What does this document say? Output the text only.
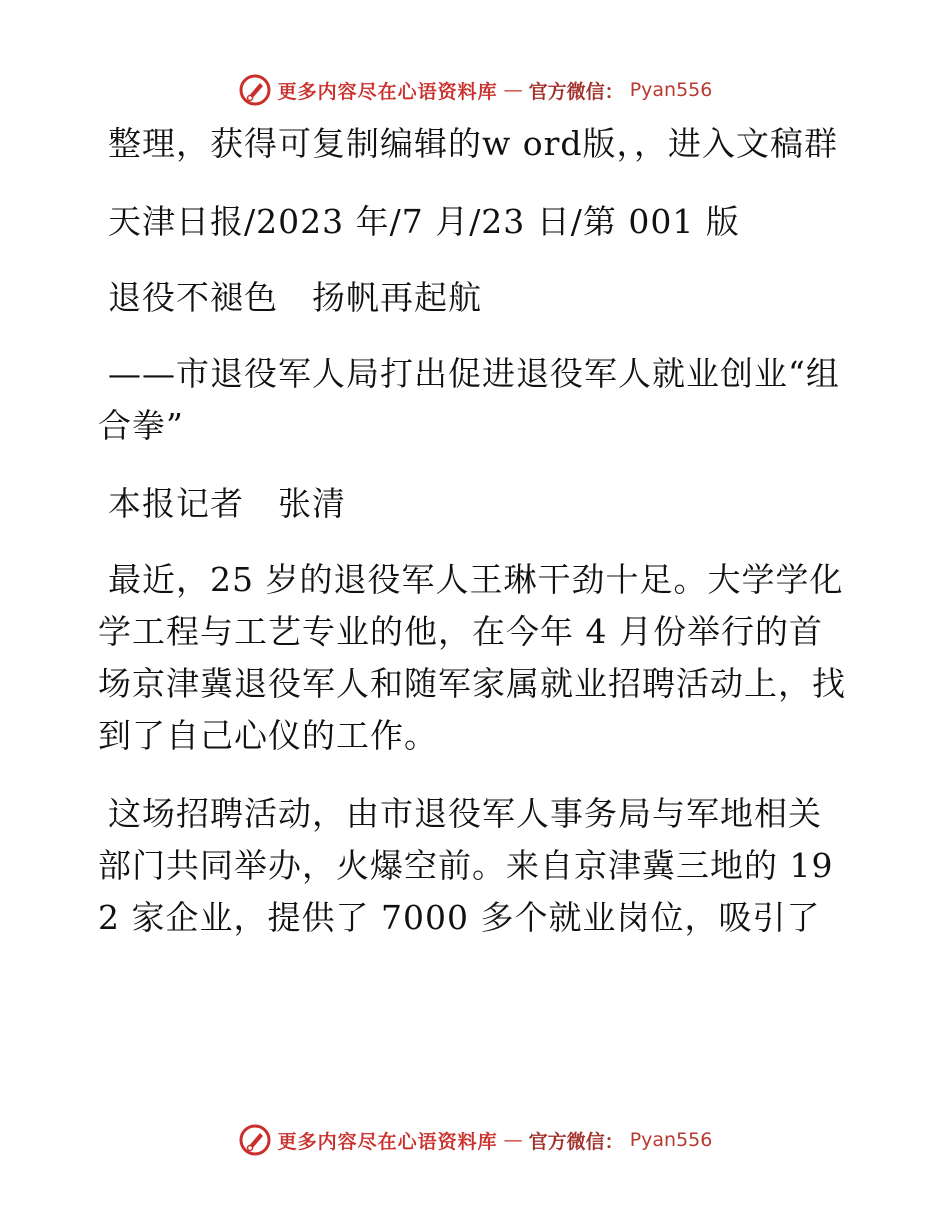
更多内容尽在心语资料库 — 官方微信： Pyan556

整理，获得可复制编辑的w ord版，，进入文稿群

天津日报/2023 年/7 月/23 日/第 001 版

退役不褪色　扬帆再起航

——市退役军人局打出促进退役军人就业创业“组合拳”

本报记者　张清

最近，25 岁的退役军人王琳干劲十足。大学学化学工程与工艺专业的他，在今年 4 月份举行的首场京津冀退役军人和随军家属就业招聘活动上，找到了自己心仪的工作。

这场招聘活动，由市退役军人事务局与军地相关部门共同举办，火爆空前。来自京津冀三地的 192 家企业，提供了 7000 多个就业岗位，吸引了

更多内容尽在心语资料库 — 官方微信： Pyan556
